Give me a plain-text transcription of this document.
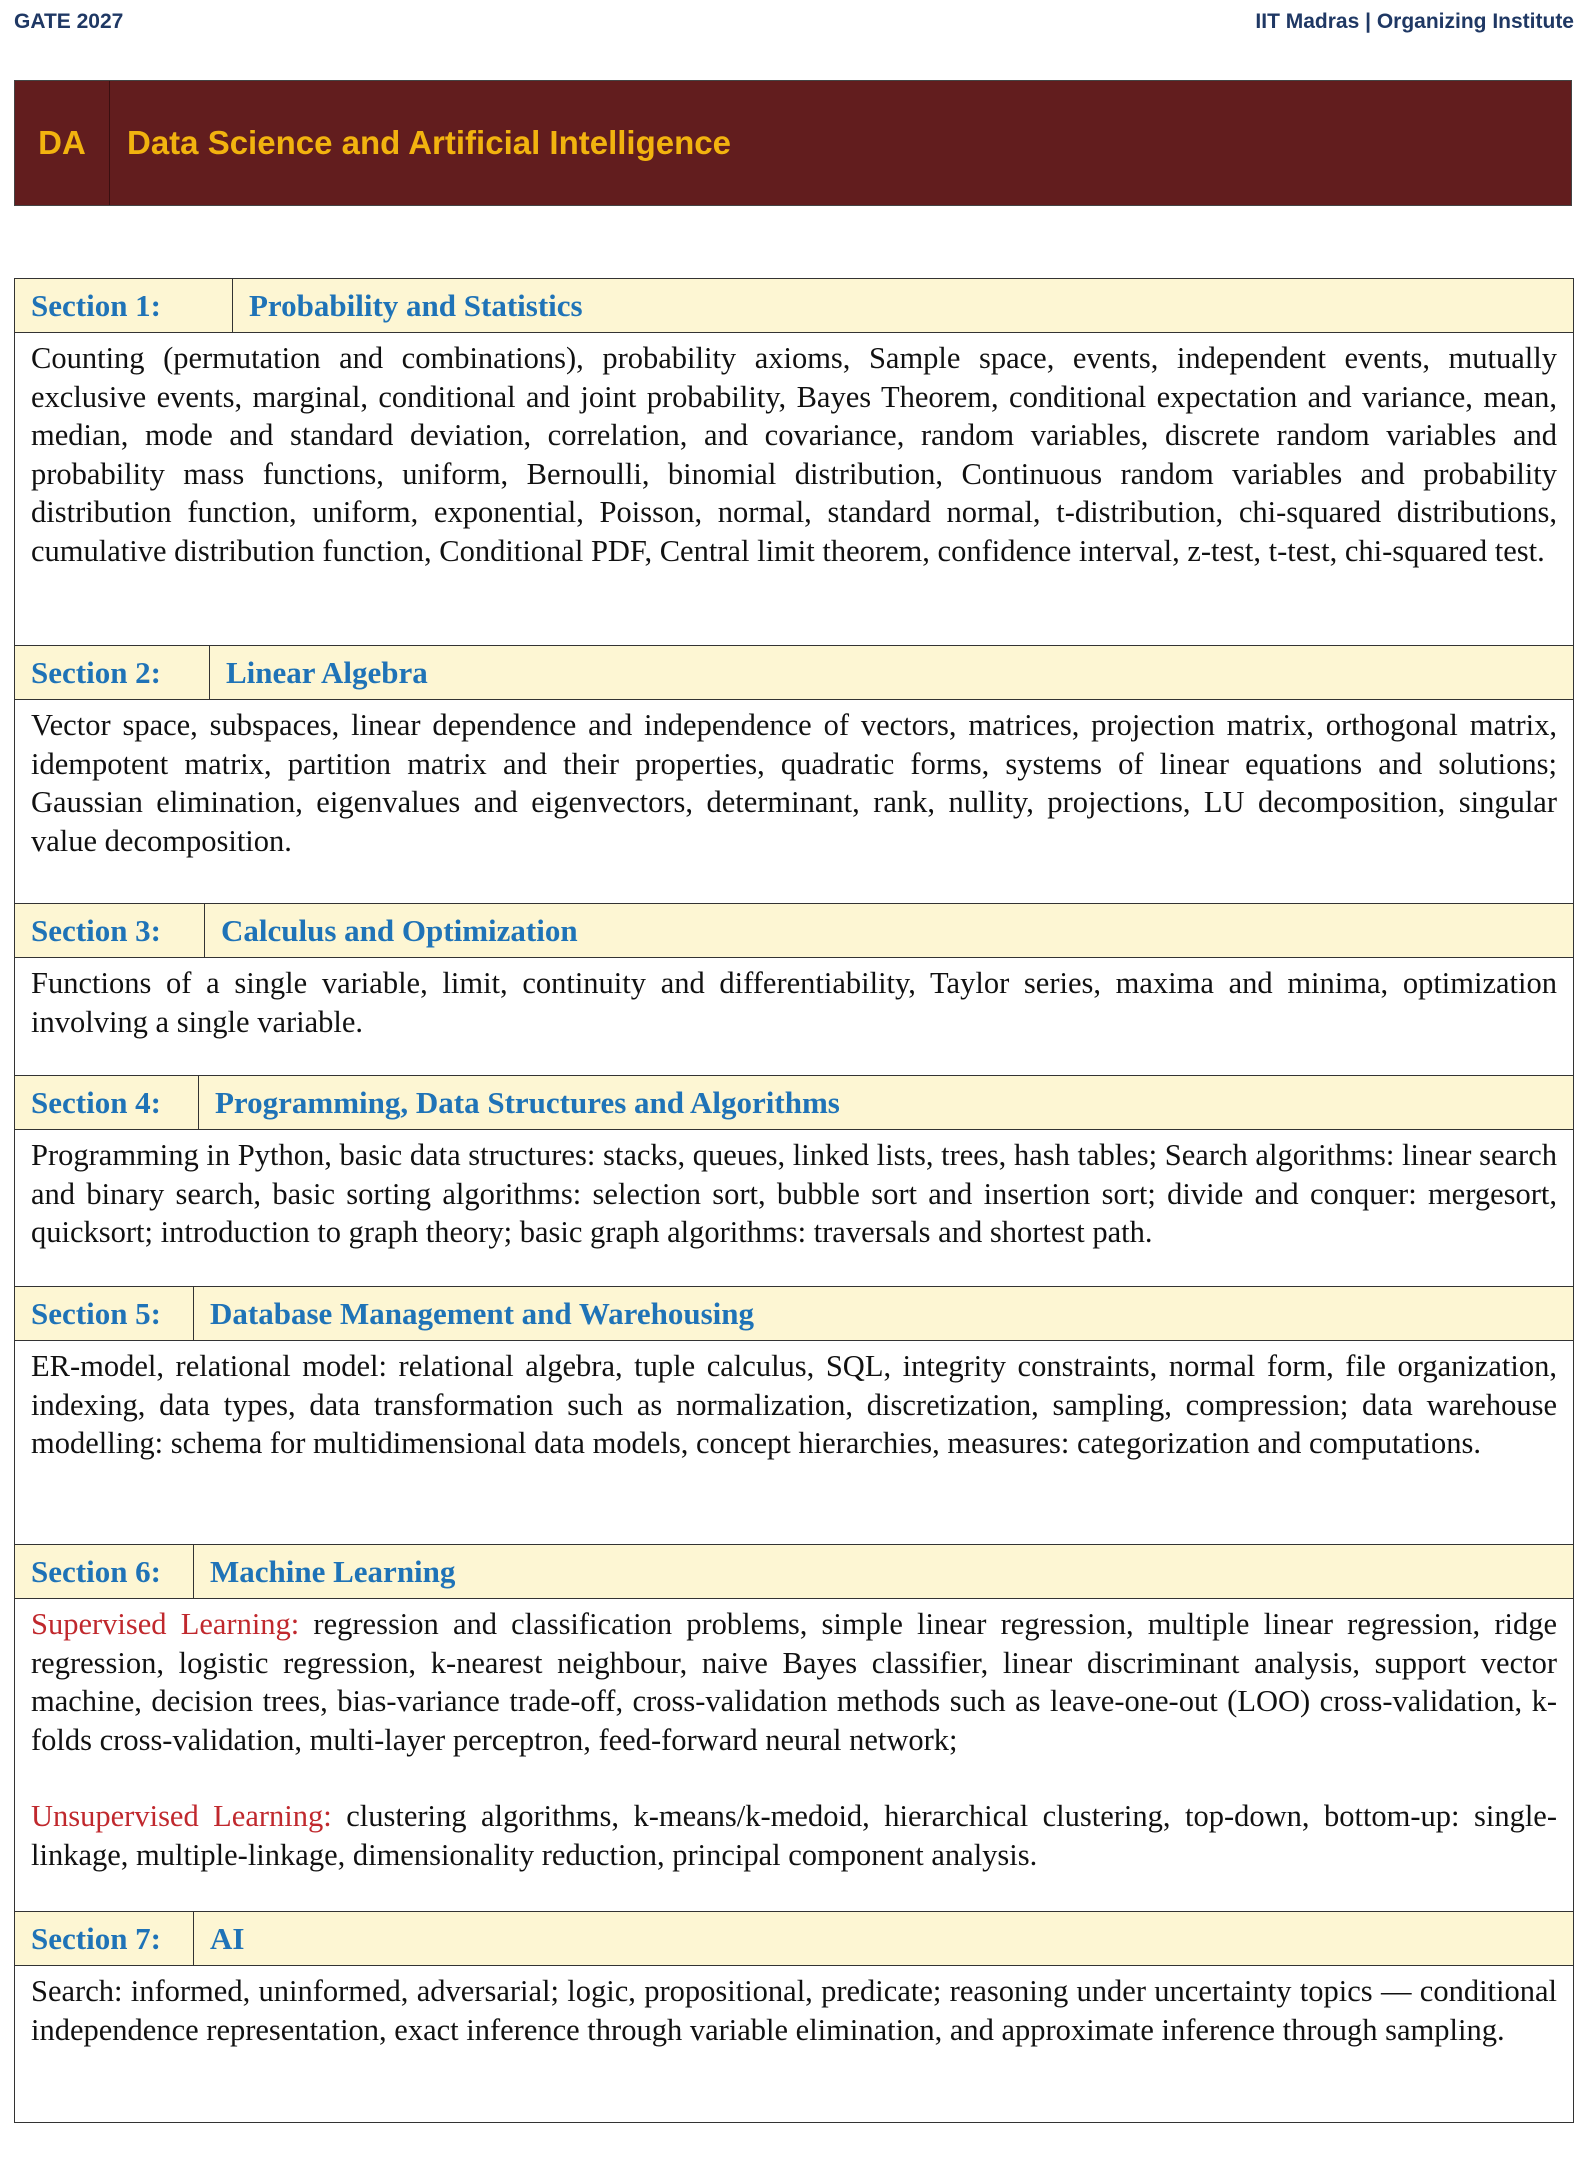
GATE 2027	IIT Madras | Organizing Institute
DA	Data Science and Artificial Intelligence
Section 1:	Probability and Statistics

Counting (permutation and combinations), probability axioms, Sample space, events, independent events, mutually exclusive events, marginal, conditional and joint probability, Bayes Theorem, conditional expectation and variance, mean, median, mode and standard deviation, correlation, and covariance, random variables, discrete random variables and probability mass functions, uniform, Bernoulli, binomial distribution, Continuous random variables and probability distribution function, uniform, exponential, Poisson, normal, standard normal, t-distribution, chi-squared distributions, cumulative distribution function, Conditional PDF, Central limit theorem, confidence interval, z-test, t-test, chi-squared test.

Section 2:	Linear Algebra

Vector space, subspaces, linear dependence and independence of vectors, matrices, projection matrix, orthogonal matrix, idempotent matrix, partition matrix and their properties, quadratic forms, systems of linear equations and solutions; Gaussian elimination, eigenvalues and eigenvectors, determinant, rank, nullity, projections, LU decomposition, singular value decomposition.

Section 3:	Calculus and Optimization

Functions of a single variable, limit, continuity and differentiability, Taylor series, maxima and minima, optimization involving a single variable.

Section 4:	Programming, Data Structures and Algorithms

Programming in Python, basic data structures: stacks, queues, linked lists, trees, hash tables; Search algorithms: linear search and binary search, basic sorting algorithms: selection sort, bubble sort and insertion sort; divide and conquer: mergesort, quicksort; introduction to graph theory; basic graph algorithms: traversals and shortest path.

Section 5:	Database Management and Warehousing

ER-model, relational model: relational algebra, tuple calculus, SQL, integrity constraints, normal form, file organization, indexing, data types, data transformation such as normalization, discretization, sampling, compression; data warehouse modelling: schema for multidimensional data models, concept hierarchies, measures: categorization and computations.

Section 6:	Machine Learning

Supervised Learning: regression and classification problems, simple linear regression, multiple linear regression, ridge regression, logistic regression, k-nearest neighbour, naive Bayes classifier, linear discriminant analysis, support vector machine, decision trees, bias-variance trade-off, cross-validation methods such as leave-one-out (LOO) cross-validation, k-folds cross-validation, multi-layer perceptron, feed-forward neural network;

Unsupervised Learning: clustering algorithms, k-means/k-medoid, hierarchical clustering, top-down, bottom-up: single-linkage, multiple-linkage, dimensionality reduction, principal component analysis.

Section 7:	AI

Search: informed, uninformed, adversarial; logic, propositional, predicate; reasoning under uncertainty topics — conditional independence representation, exact inference through variable elimination, and approximate inference through sampling.
